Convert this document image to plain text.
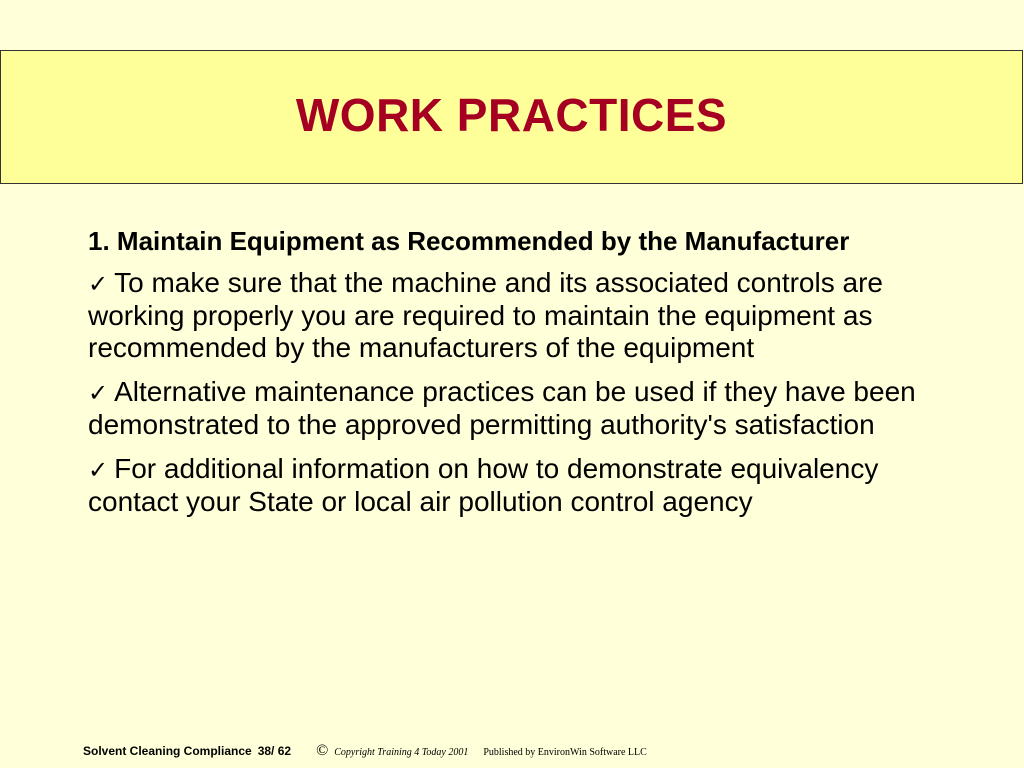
WORK PRACTICES

1. Maintain Equipment as Recommended by the Manufacturer

✓ To make sure that the machine and its associated controls are working properly you are required to maintain the equipment as recommended by the manufacturers of the equipment

✓ Alternative maintenance practices can be used if they have been demonstrated to the approved permitting authority's satisfaction

✓ For additional information on how to demonstrate equivalency contact your State or local air pollution control agency

Solvent Cleaning Compliance 38/ 62 © Copyright Training 4 Today 2001 Published by EnvironWin Software LLC
